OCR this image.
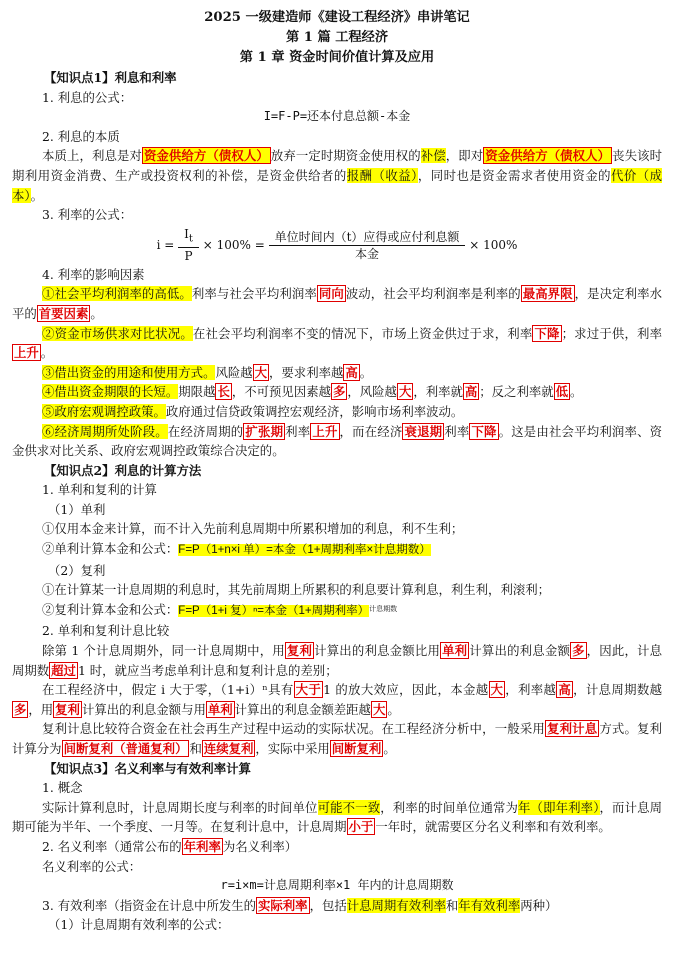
2025 一级建造师《建设工程经济》串讲笔记
第 1 篇 工程经济
第 1 章 资金时间价值计算及应用
【知识点1】利息和利率
1. 利息的公式：
I=F-P=还本付息总额-本金
2. 利息的本质
本质上，利息是对 资金供给方（债权人） 放弃一定时期资金使用权的补偿，即对 资金供给方（债权人） 丧失该时期利用资金消费、生产或投资权利的补偿，是资金供给者的报酬（收益），同时也是资金需求者使用资金的代价（成本）。
3. 利率的公式：
$i = \frac{I_t}{P} \times 100\% = \frac{\text{单位时间内（t）应得或应付利息额}}{\text{本金}} \times 100\%$
4. 利率的影响因素
①社会平均利润率的高低。利率与社会平均利润率 同向 波动，社会平均利润率是利率的 最高界限 ，是决定利率水平的 首要因素 。
②资金市场供求对比状况。在社会平均利润率不变的情况下，市场上资金供过于求，利率 下降 ；求过于供，利率上升 。
③借出资金的用途和使用方式。风险越 大 ，要求利率越 高 。
④借出资金期限的长短。期限越 长 ，不可预见因素越 多 ，风险越 大 ，利率就 高 ；反之利率就 低 。
⑤政府宏观调控政策。政府通过信贷政策调控宏观经济，影响市场利率波动。
⑥经济周期所处阶段。在经济周期的 扩张期 利率 上升 ，而在经济 衰退期 利率 下降 。这是由社会平均利润率、资金供求对比关系、政府宏观调控政策综合决定的。
【知识点2】利息的计算方法
1. 单利和复利的计算
（1）单利
①仅用本金来计算，而不计入先前利息周期中所累积增加的利息，利不生利；
②单利计算本金和公式：F=P（1+n×i 单）=本金（1+周期利率×计息期数）
（2）复利
①在计算某一计息周期的利息时，其先前周期上所累积的利息要计算利息，利生利，利滚利；
②复利计算本金和公式：F=P（1+i 复）ⁿ=本金（1+周期利率）$^{计息期数}$
2. 单利和复利计息比较
除第 1 个计息周期外，同一计息周期中，用 复利 计算出的利息金额比用 单利 计算出的利息金额 多 ，因此，计息周期数 超过 1 时，就应当考虑单利计息和复利计息的差别；
在工程经济中，假定 i 大于零，（1+i）ⁿ具有 大于 1 的放大效应，因此，本金越 大 ，利率越 高 ，计息周期数越多 ，用 复利 计算出的利息金额与用 单利 计算出的利息金额差距越 大 。
复利计息比较符合资金在社会再生产过程中运动的实际状况。在工程经济分析中，一般采用 复利计息 方式。复利计算分为 间断复利（普通复利） 和 连续复利 ，实际中采用 间断复利 。
【知识点3】名义利率与有效利率计算
1. 概念
实际计算利息时，计息周期长度与利率的时间单位可能不一致，利率的时间单位通常为年（即年利率），而计息周期可能为半年、一个季度、一月等。在复利计息中，计息周期 小于 一年时，就需要区分名义利率和有效利率。
2. 名义利率（通常公布的 年利率 为名义利率）
名义利率的公式：
r=i×m=计息周期利率×1 年内的计息周期数
3. 有效利率（指资金在计息中所发生的 实际利率 ，包括计息周期有效利率和年有效利率两种）
（1）计息周期有效利率的公式：
